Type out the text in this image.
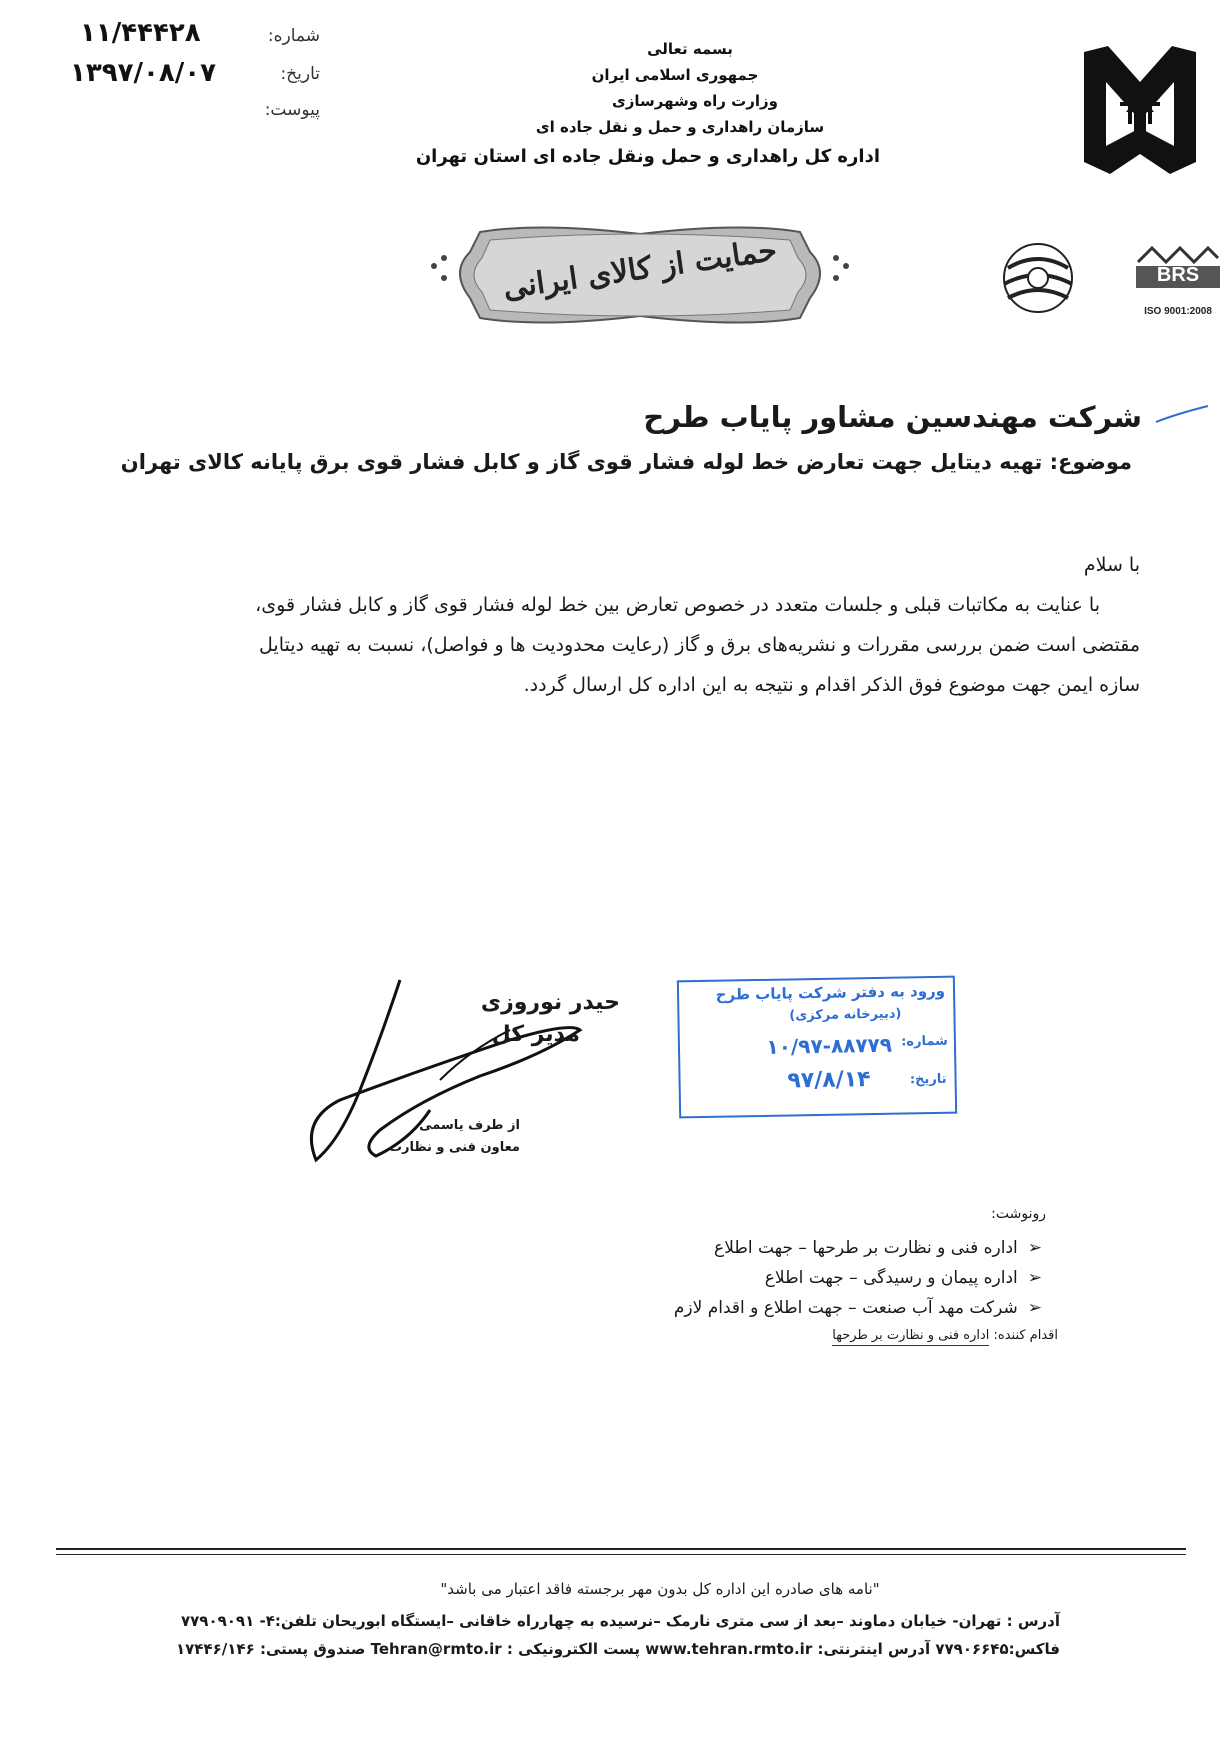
شماره:
۱۱/۴۴۴۲۸
تاریخ:
۱۳۹۷/۰۸/۰۷
پیوست:
بسمه تعالی
جمهوری اسلامی ایران
وزارت راه وشهرسازی
سازمان راهداری و حمل و نقل جاده ای
اداره کل راهداری و حمل ونقل جاده ای استان تهران
حمایت از کالای ایرانی	BRS
ISO 9001:2008
شرکت مهندسین مشاور پایاب طرح
موضوع: تهیه دیتایل جهت تعارض خط لوله فشار قوی گاز و کابل فشار قوی برق پایانه کالای تهران

با سلام

با عنایت به مکاتبات قبلی و جلسات متعدد در خصوص تعارض بین خط لوله فشار قوی گاز و کابل فشار قوی،

مقتضی است ضمن بررسی مقررات و نشریه‌های برق و گاز (رعایت محدودیت ها و فواصل)، نسبت به تهیه دیتایل

سازه ایمن جهت موضوع فوق الذکر اقدام و نتیجه به این اداره کل ارسال گردد.

حیدر نوروزی
مدیر کل
از طرف یاسمی
معاون فنی و نظارت
ورود به دفتر شرکت پایاب طرح
(دبیرخانه مرکزی)
شماره:
۱۰/۹۷-۸۸۷۷۹
تاریخ:
۹۷/۸/۱۴
رونوشت:
➢
اداره فنی و نظارت بر طرحها – جهت اطلاع
➢
اداره پیمان و رسیدگی – جهت اطلاع
➢
شرکت مهد آب صنعت – جهت اطلاع و اقدام لازم
اقدام کننده: اداره فنی و نظارت بر طرحها
"نامه های صادره این اداره کل بدون مهر برجسته فاقد اعتبار می باشد"
آدرس : تهران- خیابان دماوند –بعد از سی متری نارمک –نرسیده به چهارراه خاقانی –ایستگاه ابوریحان تلفن:۴- ۷۷۹۰۹۰۹۱
فاکس:۷۷۹۰۶۶۴۵ آدرس اینترنتی: www.tehran.rmto.ir پست الکترونیکی : Tehran@rmto.ir صندوق پستی: ۱۷۴۴۶/۱۴۶
